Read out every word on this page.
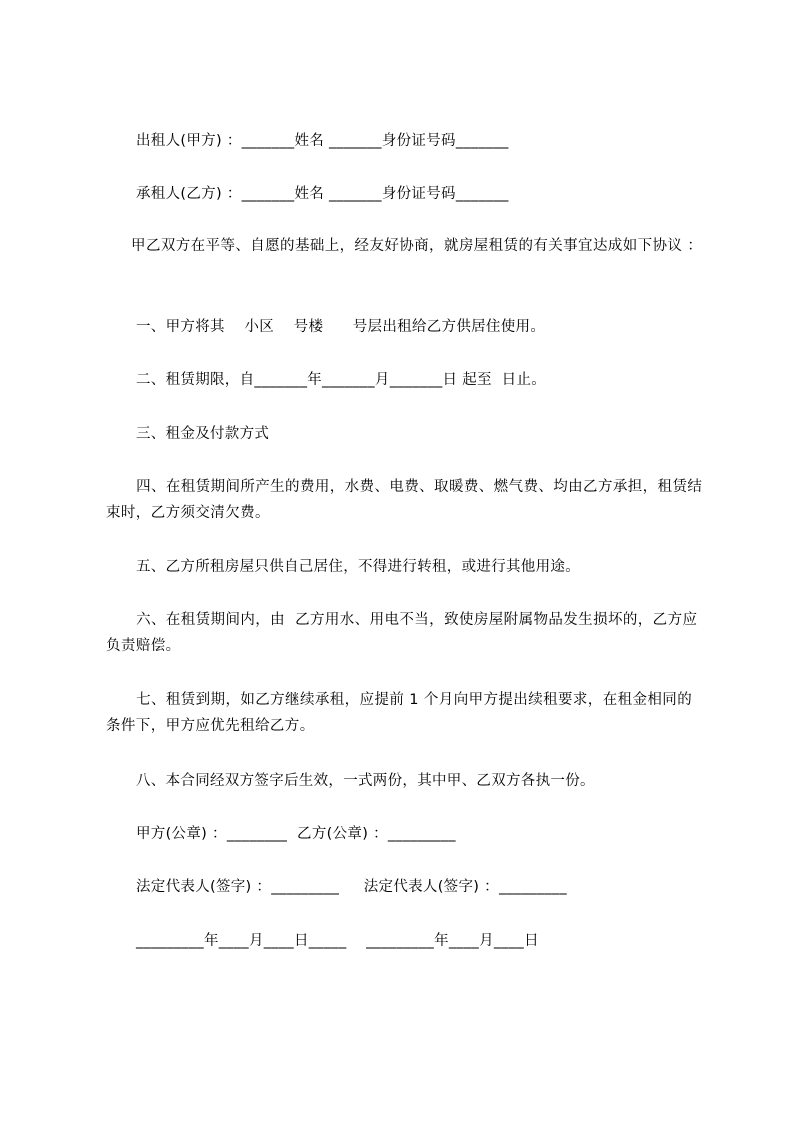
出租人(甲方) ：_______姓名 _______身份证号码_______
承租人(乙方) ：_______姓名 _______身份证号码_______
甲乙双方在平等、自愿的基础上，经友好协商，就房屋租赁的有关事宜达成如下协议 ：
一、甲方将其    小区    号楼      号层出租给乙方供居住使用。
二、租赁期限，自_______年_______月_______日 起至  日止。
三、租金及付款方式
四、在租赁期间所产生的费用，水费、电费、取暖费、燃气费、均由乙方承担，租赁结束时，乙方须交清欠费。
五、乙方所租房屋只供自己居住，不得进行转租，或进行其他用途。
六、在租赁期间内，由  乙方用水、用电不当，致使房屋附属物品发生损坏的，乙方应负责赔偿。
七、租赁到期，如乙方继续承租，应提前 1 个月向甲方提出续租要求，在租金相同的条件下，甲方应优先租给乙方。
八、本合同经双方签字后生效，一式两份，其中甲、乙双方各执一份。
甲方(公章) ：________  乙方(公章) ：_________
法定代表人(签字) ：_________     法定代表人(签字) ：_________
_________年____月____日_____    _________年____月____日
